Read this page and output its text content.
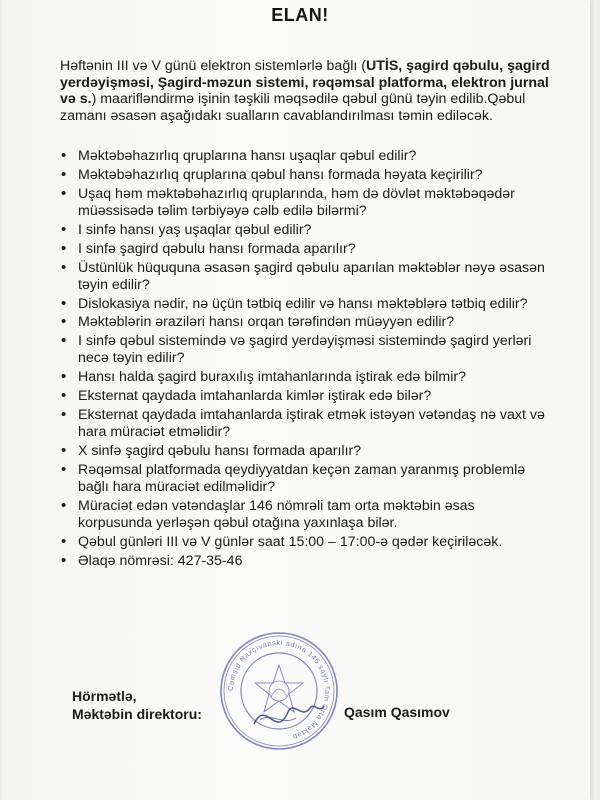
ELAN!
Həftənin III və V günü elektron sistemlərlə bağlı (UTİS, şagird qəbulu, şagird yerdəyişməsi, Şagird-məzun sistemi, rəqəmsal platforma, elektron jurnal və s.) maarifləndirmə işinin təşkili məqsədilə qəbul günü təyin edilib.Qəbul zamanı əsasən aşağıdakı sualların cavablandırılması təmin ediləcək.
• Məktəbəhazırlıq qruplarına hansı uşaqlar qəbul edilir?
• Məktəbəhazırlıq qruplarına qəbul hansı formada həyata keçirilir?
• Uşaq həm məktəbəhazırlıq qruplarında, həm də dövlət məktəbəqədər müəssisədə təlim tərbiyəyə cəlb edilə bilərmi?
• I sinfə hansı yaş uşaqlar qəbul edilir?
• I sinfə şagird qəbulu hansı formada aparılır?
• Üstünlük hüququna əsasən şagird qəbulu aparılan məktəblər nəyə əsasən təyin edilir?
• Dislokasiya nədir, nə üçün tətbiq edilir və hansı məktəblərə tətbiq edilir?
• Məktəblərin əraziləri hansı orqan tərəfindən müəyyən edilir?
• I sinfə qəbul sistemində və şagird yerdəyişməsi sistemində şagird yerləri necə təyin edilir?
• Hansı halda şagird buraxılış imtahanlarında iştirak edə bilmir?
• Eksternat qaydada imtahanlarda kimlər iştirak edə bilər?
• Eksternat qaydada imtahanlarda iştirak etmək istəyən vətəndaş nə vaxt və hara müraciət etməlidir?
• X sinfə şagird qəbulu hansı formada aparılır?
• Rəqəmsal platformada qeydiyyatdan keçən zaman yaranmış problemlə bağlı hara müraciət edilməlidir?
• Müraciət edən vətəndaşlar 146 nömrəli tam orta məktəbin əsas korpusunda yerləşən qəbul otağına yaxınlaşa bilər.
• Qəbul günləri III və V günlər saat 15:00 – 17:00-ə qədər keçiriləcək.
• Əlaqə nömrəsi: 427-35-46
Hörmətlə,
Məktəbin direktoru:
Cəmşid Naxçıvanski adına 146 saylı Tam Orta Məktəb
Qasım Qasımov
